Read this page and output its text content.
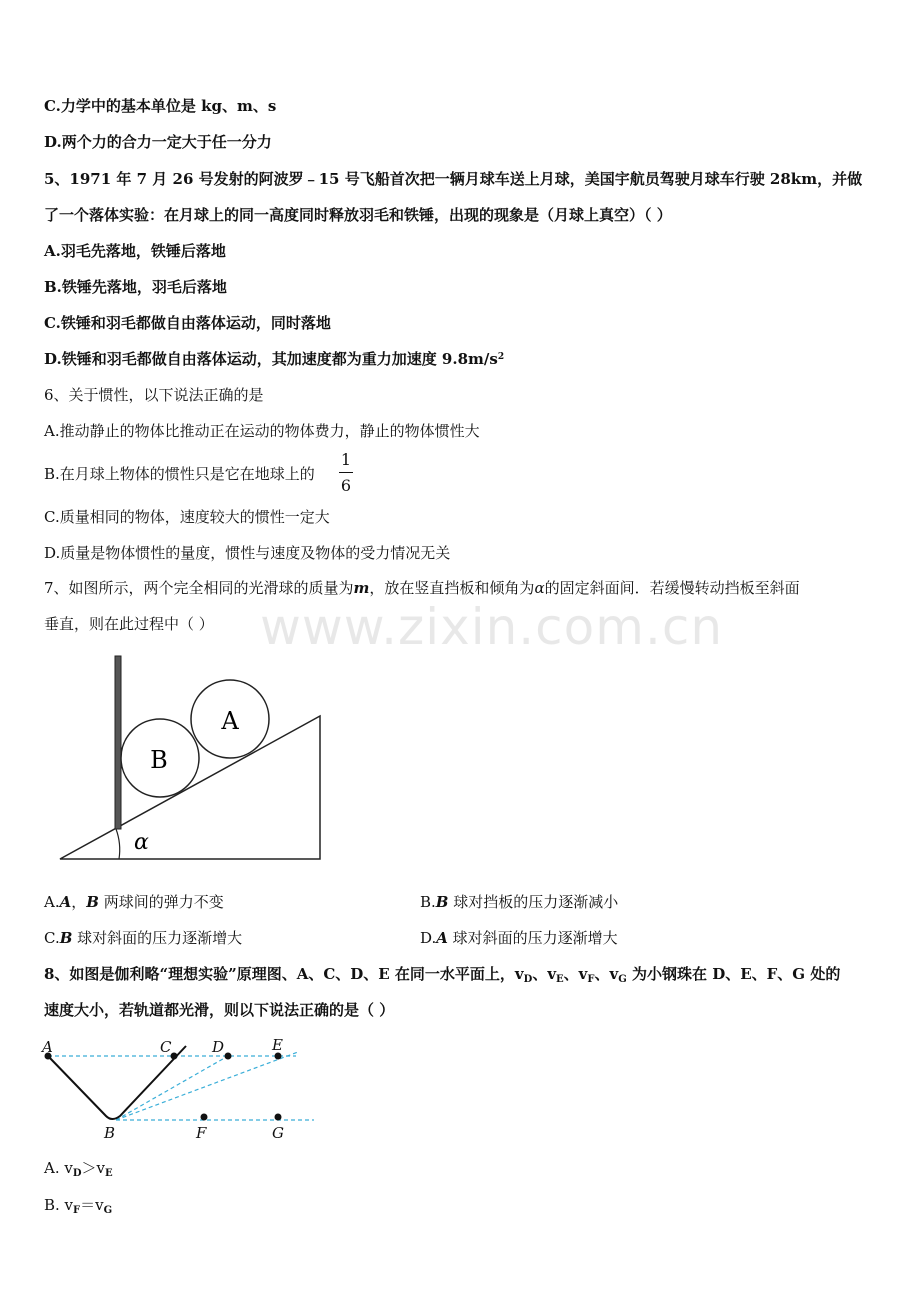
www.zixin.com.cn
C.力学中的基本单位是 kg、m、s
D.两个力的合力一定大于任一分力
5、1971 年 7 月 26 号发射的阿波罗﹣15 号飞船首次把一辆月球车送上月球，美国宇航员驾驶月球车行驶 28km，并做
了一个落体实验：在月球上的同一高度同时释放羽毛和铁锤，出现的现象是（月球上真空）（ ）
A.羽毛先落地，铁锤后落地
B.铁锤先落地，羽毛后落地
C.铁锤和羽毛都做自由落体运动，同时落地
D.铁锤和羽毛都做自由落体运动，其加速度都为重力加速度 $9.8m/s^2$
6、关于惯性，以下说法正确的是
A.推动静止的物体比推动正在运动的物体费力，静止的物体惯性大
B.在月球上物体的惯性只是它在地球上的
1
6
C.质量相同的物体，速度较大的惯性一定大
D.质量是物体惯性的量度，惯性与速度及物体的受力情况无关
7、如图所示，两个完全相同的光滑球的质量为m，放在竖直挡板和倾角为α的固定斜面间．若缓慢转动挡板至斜面
垂直，则在此过程中（ ）
A
B
α
A.A，B 两球间的弹力不变	B.B 球对挡板的压力逐渐减小
C.B 球对斜面的压力逐渐增大	D.A 球对斜面的压力逐渐增大
8、如图是伽利略“理想实验”原理图、A、C、D、E 在同一水平面上，$v_D$、$v_E$、$v_F$、$v_G$ 为小钢珠在 D、E、F、G 处的
速度大小，若轨道都光滑，则以下说法正确的是（ ）
A	C	D	E
B	F	G
A. $v_D>v_E$
B. $v_F=v_G$
